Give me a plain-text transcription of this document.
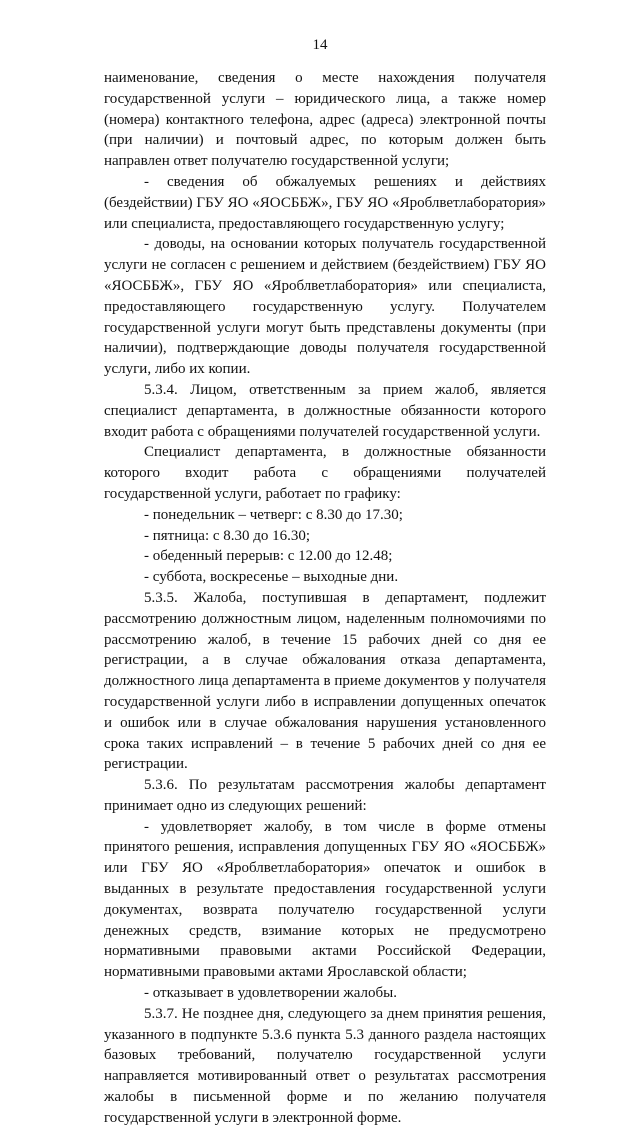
14

наименование, сведения о месте нахождения получателя государственной услуги – юридического лица, а также номер (номера) контактного телефона, адрес (адреса) электронной почты (при наличии) и почтовый адрес, по которым должен быть направлен ответ получателю государственной услуги;

- сведения об обжалуемых решениях и действиях (бездействии) ГБУ ЯО «ЯОСББЖ», ГБУ ЯО «Яроблветлаборатория» или специалиста, предоставляющего государственную услугу;

- доводы, на основании которых получатель государственной услуги не согласен с решением и действием (бездействием) ГБУ ЯО «ЯОСББЖ», ГБУ ЯО «Яроблветлаборатория» или специалиста, предоставляющего государственную услугу. Получателем государственной услуги могут быть представлены документы (при наличии), подтверждающие доводы получателя государственной услуги, либо их копии.

5.3.4. Лицом, ответственным за прием жалоб, является специалист департамента, в должностные обязанности которого входит работа с обращениями получателей государственной услуги.

Специалист департамента, в должностные обязанности которого входит работа с обращениями получателей государственной услуги, работает по графику:

- понедельник – четверг: с 8.30 до 17.30;

- пятница: с 8.30 до 16.30;

- обеденный перерыв: с 12.00 до 12.48;

- суббота, воскресенье – выходные дни.

5.3.5. Жалоба, поступившая в департамент, подлежит рассмотрению должностным лицом, наделенным полномочиями по рассмотрению жалоб, в течение 15 рабочих дней со дня ее регистрации, а в случае обжалования отказа департамента, должностного лица департамента в приеме документов у получателя государственной услуги либо в исправлении допущенных опечаток и ошибок или в случае обжалования нарушения установленного срока таких исправлений – в течение 5 рабочих дней со дня ее регистрации.

5.3.6. По результатам рассмотрения жалобы департамент принимает одно из следующих решений:

- удовлетворяет жалобу, в том числе в форме отмены принятого решения, исправления допущенных ГБУ ЯО «ЯОСББЖ» или ГБУ ЯО «Яроблветлаборатория» опечаток и ошибок в выданных в результате предоставления государственной услуги документах, возврата получателю государственной услуги денежных средств, взимание которых не предусмотрено нормативными правовыми актами Российской Федерации, нормативными правовыми актами Ярославской области;

- отказывает в удовлетворении жалобы.

5.3.7. Не позднее дня, следующего за днем принятия решения, указанного в подпункте 5.3.6 пункта 5.3 данного раздела настоящих базовых требований, получателю государственной услуги направляется мотивированный ответ о результатах рассмотрения жалобы в письменной форме и по желанию получателя государственной услуги в электронной форме.
